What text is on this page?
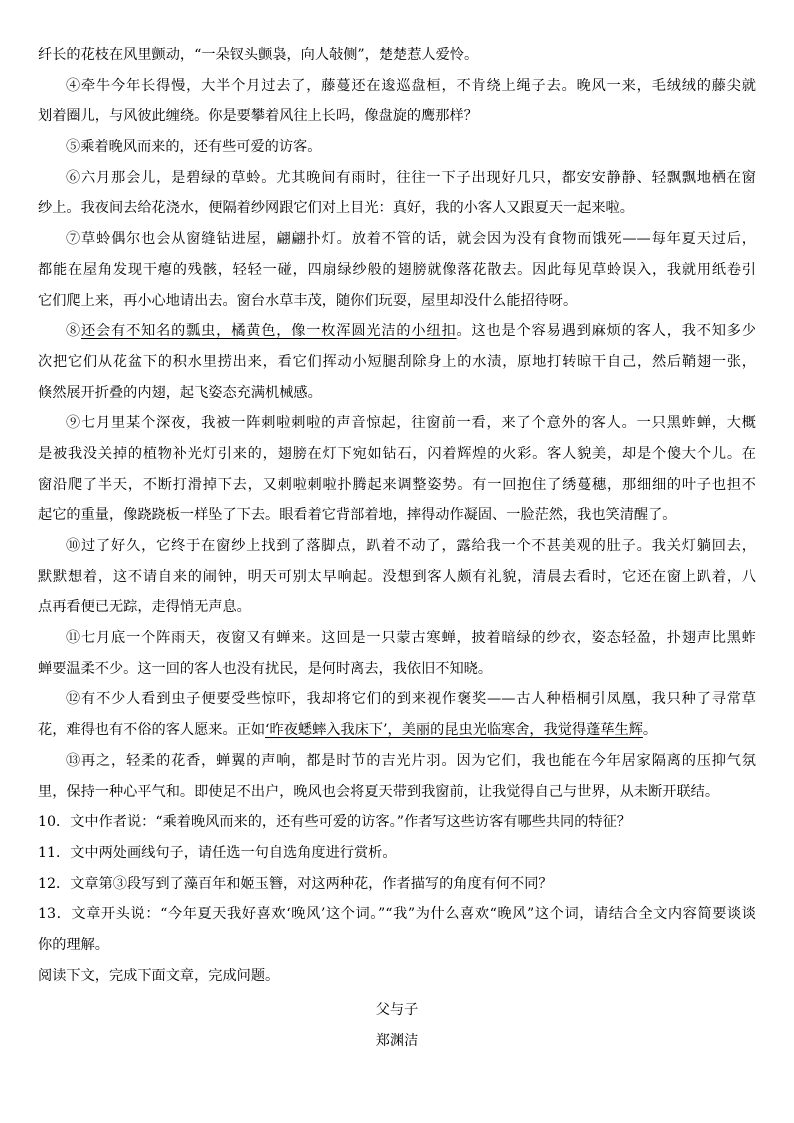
纤长的花枝在风里颤动，“一朵钗头颤袅，向人敧侧”，楚楚惹人爱怜。
④牵牛今年长得慢，大半个月过去了，藤蔓还在逡巡盘桓，不肯绕上绳子去。晚风一来，毛绒绒的藤尖就
划着圈儿，与风彼此缠绕。你是要攀着风往上长吗，像盘旋的鹰那样？
⑤乘着晚风而来的，还有些可爱的访客。
⑥六月那会儿，是碧绿的草蛉。尤其晚间有雨时，往往一下子出现好几只，都安安静静、轻飘飘地栖在窗
纱上。我夜间去给花浇水，便隔着纱网跟它们对上目光：真好，我的小客人又跟夏天一起来啦。
⑦草蛉偶尔也会从窗缝钻进屋，翩翩扑灯。放着不管的话，就会因为没有食物而饿死——每年夏天过后，
都能在屋角发现干瘪的残骸，轻轻一碰，四扇绿纱般的翅膀就像落花散去。因此每见草蛉误入，我就用纸卷引
它们爬上来，再小心地请出去。窗台水草丰茂，随你们玩耍，屋里却没什么能招待呀。
⑧还会有不知名的瓢虫，橘黄色，像一枚浑圆光洁的小纽扣。这也是个容易遇到麻烦的客人，我不知多少
次把它们从花盆下的积水里捞出来，看它们挥动小短腿刮除身上的水渍，原地打转晾干自己，然后鞘翅一张，
倏然展开折叠的内翅，起飞姿态充满机械感。
⑨七月里某个深夜，我被一阵刺啦刺啦的声音惊起，往窗前一看，来了个意外的客人。一只黑蚱蝉，大概
是被我没关掉的植物补光灯引来的，翅膀在灯下宛如钻石，闪着辉煌的火彩。客人貌美，却是个傻大个儿。在
窗沿爬了半天，不断打滑掉下去，又刺啦刺啦扑腾起来调整姿势。有一回抱住了绣蔓穗，那细细的叶子也担不
起它的重量，像跷跷板一样坠了下去。眼看着它背部着地，摔得动作凝固、一脸茫然，我也笑清醒了。
⑩过了好久，它终于在窗纱上找到了落脚点，趴着不动了，露给我一个不甚美观的肚子。我关灯躺回去，
默默想着，这不请自来的闹钟，明天可别太早响起。没想到客人颇有礼貌，清晨去看时，它还在窗上趴着，八
点再看便已无踪，走得悄无声息。
⑪七月底一个阵雨天，夜窗又有蝉来。这回是一只蒙古寒蝉，披着暗绿的纱衣，姿态轻盈，扑翅声比黑蚱
蝉要温柔不少。这一回的客人也没有扰民，是何时离去，我依旧不知晓。
⑫有不少人看到虫子便要受些惊吓，我却将它们的到来视作褒奖——古人种梧桐引凤凰，我只种了寻常草
花，难得也有不俗的客人愿来。正如‘昨夜蟋蟀入我床下’，美丽的昆虫光临寒舍，我觉得蓬荜生辉。
⑬再之，轻柔的花香，蝉翼的声响，都是时节的吉光片羽。因为它们，我也能在今年居家隔离的压抑气氛
里，保持一种心平气和。即使足不出户，晚风也会将夏天带到我窗前，让我觉得自己与世界，从未断开联结。
10．文中作者说：“乘着晚风而来的，还有些可爱的访客。”作者写这些访客有哪些共同的特征？
11．文中两处画线句子，请任选一句自选角度进行赏析。
12．文章第③段写到了藻百年和姬玉簪，对这两种花，作者描写的角度有何不同？
13．文章开头说：“今年夏天我好喜欢‘晚风’这个词。”“我”为什么喜欢“晚风”这个词，请结合全文内容简要谈谈
你的理解。
阅读下文，完成下面文章，完成问题。
父与子
郑渊洁
